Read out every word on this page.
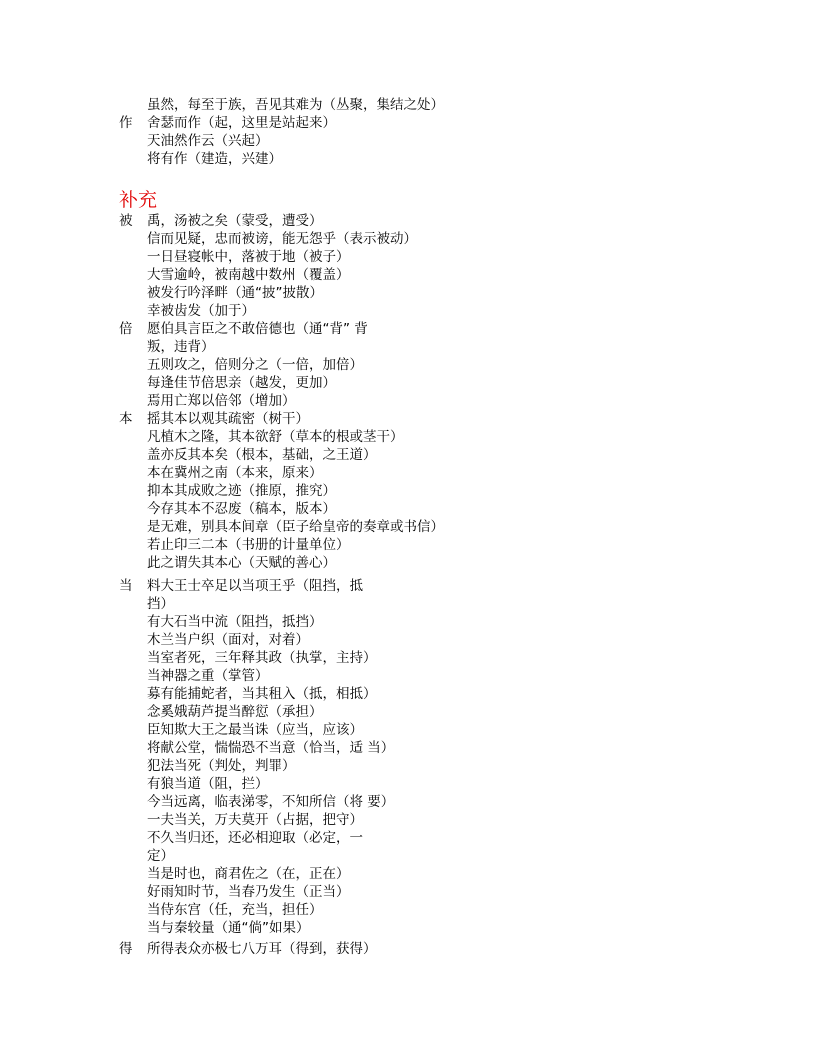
虽然，每至于族，吾见其难为（丛聚，集结之处）
作 舍瑟而作（起，这里是站起来）
天油然作云（兴起）
将有作（建造，兴建）
补充
被 禹，汤被之矣（蒙受，遭受）
信而见疑，忠而被谤，能无怨乎（表示被动）
一日昼寝帐中，落被于地（被子）
大雪逾岭，被南越中数州（覆盖）
被发行吟泽畔（通“披”披散）
幸被齿发（加于）
倍 愿伯具言臣之不敢倍德也（通“背” 背
叛，违背）
五则攻之，倍则分之（一倍，加倍）
每逢佳节倍思亲（越发，更加）
焉用亡郑以倍邻（增加）
本 摇其本以观其疏密（树干）
凡植木之隆，其本欲舒（草本的根或茎干）
盖亦反其本矣（根本，基础，之王道）
本在冀州之南（本来，原来）
抑本其成败之迹（推原，推究）
今存其本不忍废（稿本，版本）
是无难，别具本间章（臣子给皇帝的奏章或书信）
若止印三二本（书册的计量单位）
此之谓失其本心（天赋的善心）
当 料大王士卒足以当项王乎（阻挡，抵
挡）
有大石当中流（阻挡，抵挡）
木兰当户织（面对，对着）
当室者死，三年释其政（执掌，主持）
当神器之重（掌管）
募有能捕蛇者，当其租入（抵，相抵）
念奚娥葫芦提当醉愆（承担）
臣知欺大王之最当诛（应当，应该）
将献公堂，惴惴恐不当意（恰当，适 当）
犯法当死（判处，判罪）
有狼当道（阻，拦）
今当远离，临表涕零，不知所信（将 要）
一夫当关，万夫莫开（占据，把守）
不久当归还，还必相迎取（必定，一
定）
当是时也，商君佐之（在，正在）
好雨知时节，当春乃发生（正当）
当侍东宫（任，充当，担任）
当与秦较量（通“倘”如果）
得 所得表众亦极七八万耳（得到，获得）
